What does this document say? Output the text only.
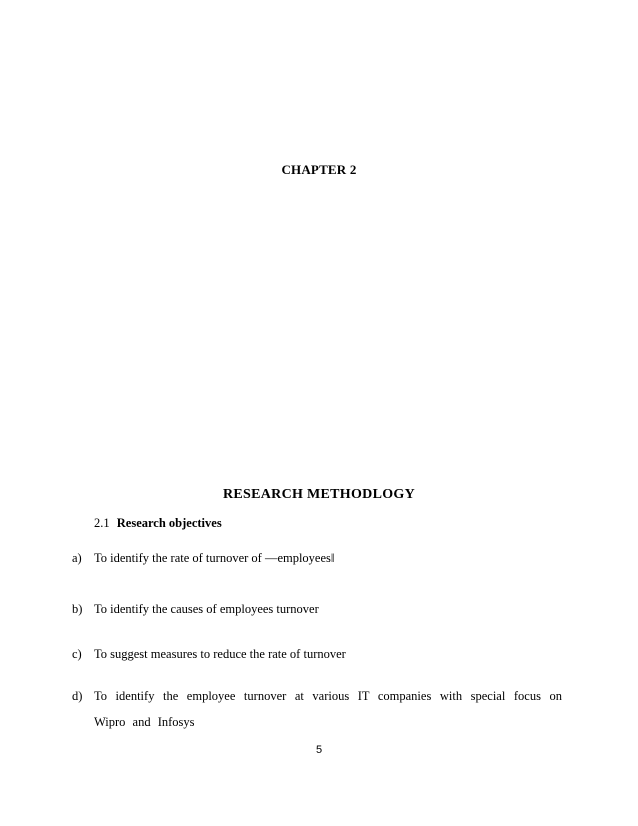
CHAPTER 2
RESEARCH METHODLOGY
2.1 Research objectives
a) To identify the rate of turnover of ―employees‖
b) To identify the causes of employees turnover
c) To suggest measures to reduce the rate of turnover
d) To identify the employee turnover at various IT companies with special focus on Wipro and Infosys
5
